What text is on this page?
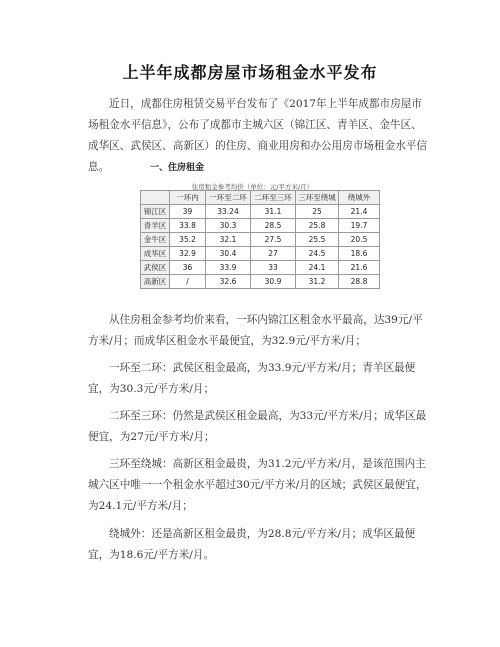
上半年成都房屋市场租金水平发布

近日，成都住房租赁交易平台发布了《2017年上半年成都市房屋市场租金水平信息》，公布了成都市主城六区（锦江区、青羊区、金牛区、成华区、武侯区、高新区）的住房、商业用房和办公用房市场租金水平信息。	一、住房租金
住房租金参考均价（单位：元/平方米/月）
	一环内	一环至二环	二环至三环	三环至绕城	绕城外
锦江区	39	33.24	31.1	25	21.4
青羊区	33.8	30.3	28.5	25.8	19.7
金牛区	35.2	32.1	27.5	25.5	20.5
成华区	32.9	30.4	27	24.5	18.6
武侯区	36	33.9	33	24.1	21.6
高新区	/	32.6	30.9	31.2	28.8

从住房租金参考均价来看，一环内锦江区租金水平最高，达39元/平方米/月；而成华区租金水平最便宜，为32.9元/平方米/月；

一环至二环：武侯区租金最高，为33.9元/平方米/月；青羊区最便宜，为30.3元/平方米/月；

二环至三环：仍然是武侯区租金最高，为33元/平方米/月；成华区最便宜，为27元/平方米/月；

三环至绕城：高新区租金最贵，为31.2元/平方米/月，是该范围内主城六区中唯一一个租金水平超过30元/平方米/月的区域；武侯区最便宜，为24.1元/平方米/月；

绕城外：还是高新区租金最贵，为28.8元/平方米/月；成华区最便宜，为18.6元/平方米/月。
